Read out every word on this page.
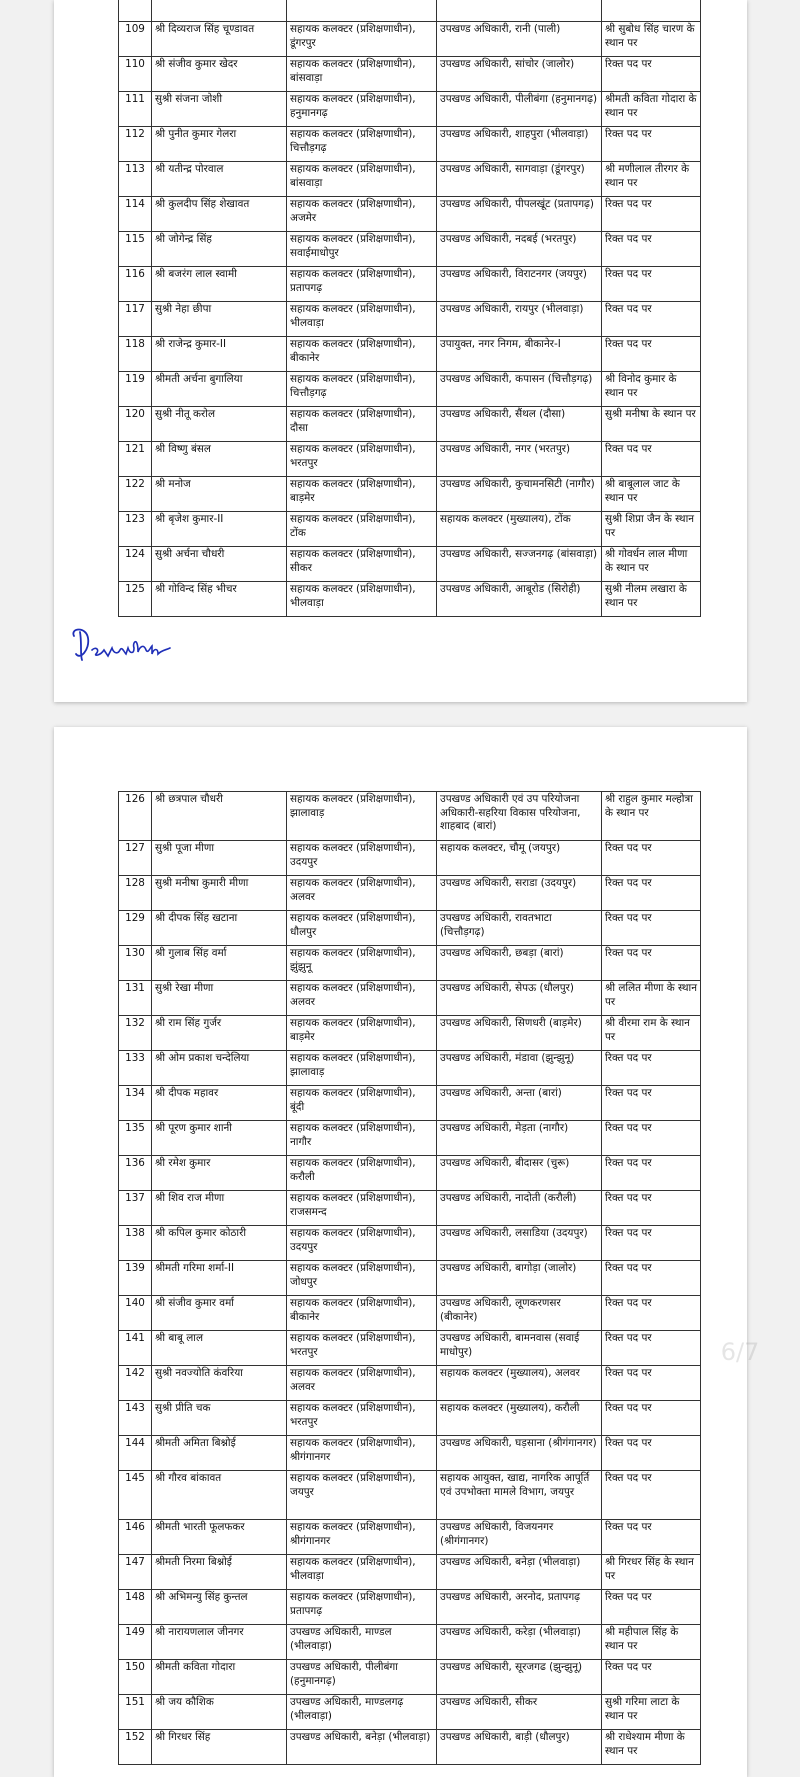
109	श्री दिव्यराज सिंह चूण्डावत	सहायक कलक्टर (प्रशिक्षणाधीन), डूंगरपुर	उपखण्ड अधिकारी, रानी (पाली)	श्री सुबोध सिंह चारण के स्थान पर
110	श्री संजीव कुमार खेदर	सहायक कलक्टर (प्रशिक्षणाधीन), बांसवाड़ा	उपखण्ड अधिकारी, सांचोर (जालोर)	रिक्त पद पर
111	सुश्री संजना जोशी	सहायक कलक्टर (प्रशिक्षणाधीन), हनुमानगढ़	उपखण्ड अधिकारी, पीलीबंगा (हनुमानगढ़)	श्रीमती कविता गोदारा के स्थान पर
112	श्री पुनीत कुमार गेलरा	सहायक कलक्टर (प्रशिक्षणाधीन), चित्तौड़गढ़	उपखण्ड अधिकारी, शाहपुरा (भीलवाड़ा)	रिक्त पद पर
113	श्री यतीन्द्र पोरवाल	सहायक कलक्टर (प्रशिक्षणाधीन), बांसवाड़ा	उपखण्ड अधिकारी, सागवाड़ा (डूंगरपुर)	श्री मणीलाल तीरगर के स्थान पर
114	श्री कुलदीप सिंह शेखावत	सहायक कलक्टर (प्रशिक्षणाधीन), अजमेर	उपखण्ड अधिकारी, पीपलखूंट (प्रतापगढ़)	रिक्त पद पर
115	श्री जोगेन्द्र सिंह	सहायक कलक्टर (प्रशिक्षणाधीन), सवाईमाधोपुर	उपखण्ड अधिकारी, नदबई (भरतपुर)	रिक्त पद पर
116	श्री बजरंग लाल स्वामी	सहायक कलक्टर (प्रशिक्षणाधीन), प्रतापगढ़	उपखण्ड अधिकारी, विराटनगर (जयपुर)	रिक्त पद पर
117	सुश्री नेहा छीपा	सहायक कलक्टर (प्रशिक्षणाधीन), भीलवाड़ा	उपखण्ड अधिकारी, रायपुर (भीलवाड़ा)	रिक्त पद पर
118	श्री राजेन्द्र कुमार-II	सहायक कलक्टर (प्रशिक्षणाधीन), बीकानेर	उपायुक्त, नगर निगम, बीकानेर-I	रिक्त पद पर
119	श्रीमती अर्चना बुगालिया	सहायक कलक्टर (प्रशिक्षणाधीन), चित्तौड़गढ़	उपखण्ड अधिकारी, कपासन (चित्तौड़गढ़)	श्री विनोद कुमार के स्थान पर
120	सुश्री नीतू करोल	सहायक कलक्टर (प्रशिक्षणाधीन), दौसा	उपखण्ड अधिकारी, सैंथल (दौसा)	सुश्री मनीषा के स्थान पर
121	श्री विष्णु बंसल	सहायक कलक्टर (प्रशिक्षणाधीन), भरतपुर	उपखण्ड अधिकारी, नगर (भरतपुर)	रिक्त पद पर
122	श्री मनोज	सहायक कलक्टर (प्रशिक्षणाधीन), बाड़मेर	उपखण्ड अधिकारी, कुचामनसिटी (नागौर)	श्री बाबूलाल जाट के स्थान पर
123	श्री बृजेश कुमार-II	सहायक कलक्टर (प्रशिक्षणाधीन), टोंक	सहायक कलक्टर (मुख्यालय), टोंक	सुश्री शिप्रा जैन के स्थान पर
124	सुश्री अर्चना चौधरी	सहायक कलक्टर (प्रशिक्षणाधीन), सीकर	उपखण्ड अधिकारी, सज्जनगढ़ (बांसवाड़ा)	श्री गोवर्धन लाल मीणा के स्थान पर
125	श्री गोविन्द सिंह भीचर	सहायक कलक्टर (प्रशिक्षणाधीन), भीलवाड़ा	उपखण्ड अधिकारी, आबूरोड (सिरोही)	सुश्री नीलम लखारा के स्थान पर
126	श्री छत्रपाल चौधरी	सहायक कलक्टर (प्रशिक्षणाधीन), झालावाड़	उपखण्ड अधिकारी एवं उप परियोजना अधिकारी-सहरिया विकास परियोजना, शाहबाद (बारां)	श्री राहुल कुमार मल्होत्रा के स्थान पर
127	सुश्री पूजा मीणा	सहायक कलक्टर (प्रशिक्षणाधीन), उदयपुर	सहायक कलक्टर, चौमू (जयपुर)	रिक्त पद पर
128	सुश्री मनीषा कुमारी मीणा	सहायक कलक्टर (प्रशिक्षणाधीन), अलवर	उपखण्ड अधिकारी, सराडा (उदयपुर)	रिक्त पद पर
129	श्री दीपक सिंह खटाना	सहायक कलक्टर (प्रशिक्षणाधीन), धौलपुर	उपखण्ड अधिकारी, रावतभाटा (चित्तौड़गढ़)	रिक्त पद पर
130	श्री गुलाब सिंह वर्मा	सहायक कलक्टर (प्रशिक्षणाधीन), झुंझुनू	उपखण्ड अधिकारी, छबड़ा (बारां)	रिक्त पद पर
131	सुश्री रेखा मीणा	सहायक कलक्टर (प्रशिक्षणाधीन), अलवर	उपखण्ड अधिकारी, सेपऊ (धौलपुर)	श्री ललित मीणा के स्थान पर
132	श्री राम सिंह गुर्जर	सहायक कलक्टर (प्रशिक्षणाधीन), बाड़मेर	उपखण्ड अधिकारी, सिणधरी (बाड़मेर)	श्री वीरमा राम के स्थान पर
133	श्री ओम प्रकाश चन्देलिया	सहायक कलक्टर (प्रशिक्षणाधीन), झालावाड़	उपखण्ड अधिकारी, मंडावा (झुन्झुनू)	रिक्त पद पर
134	श्री दीपक महावर	सहायक कलक्टर (प्रशिक्षणाधीन), बूंदी	उपखण्ड अधिकारी, अन्ता (बारां)	रिक्त पद पर
135	श्री पूरण कुमार शानी	सहायक कलक्टर (प्रशिक्षणाधीन), नागौर	उपखण्ड अधिकारी, मेड़ता (नागौर)	रिक्त पद पर
136	श्री रमेश कुमार	सहायक कलक्टर (प्रशिक्षणाधीन), करौली	उपखण्ड अधिकारी, बीदासर (चुरू)	रिक्त पद पर
137	श्री शिव राज मीणा	सहायक कलक्टर (प्रशिक्षणाधीन), राजसमन्द	उपखण्ड अधिकारी, नादोती (करौली)	रिक्त पद पर
138	श्री कपिल कुमार कोठारी	सहायक कलक्टर (प्रशिक्षणाधीन), उदयपुर	उपखण्ड अधिकारी, लसाडिया (उदयपुर)	रिक्त पद पर
139	श्रीमती गरिमा शर्मा-II	सहायक कलक्टर (प्रशिक्षणाधीन), जोधपुर	उपखण्ड अधिकारी, बागोड़ा (जालोर)	रिक्त पद पर
140	श्री संजीव कुमार वर्मा	सहायक कलक्टर (प्रशिक्षणाधीन), बीकानेर	उपखण्ड अधिकारी, लूणकरणसर (बीकानेर)	रिक्त पद पर
141	श्री बाबू लाल	सहायक कलक्टर (प्रशिक्षणाधीन), भरतपुर	उपखण्ड अधिकारी, बामनवास (सवाई माधोपुर)	रिक्त पद पर
142	सुश्री नवज्योति कंवरिया	सहायक कलक्टर (प्रशिक्षणाधीन), अलवर	सहायक कलक्टर (मुख्यालय), अलवर	रिक्त पद पर
143	सुश्री प्रीति चक	सहायक कलक्टर (प्रशिक्षणाधीन), भरतपुर	सहायक कलक्टर (मुख्यालय), करौली	रिक्त पद पर
144	श्रीमती अमिता बिश्नोई	सहायक कलक्टर (प्रशिक्षणाधीन), श्रीगंगानगर	उपखण्ड अधिकारी, घड़साना (श्रीगंगानगर)	रिक्त पद पर
145	श्री गौरव बांकावत	सहायक कलक्टर (प्रशिक्षणाधीन), जयपुर	सहायक आयुक्त, खाद्य, नागरिक आपूर्ति एवं उपभोक्ता मामले विभाग, जयपुर	रिक्त पद पर
146	श्रीमती भारती फूलफकर	सहायक कलक्टर (प्रशिक्षणाधीन), श्रीगंगानगर	उपखण्ड अधिकारी, विजयनगर (श्रीगंगानगर)	रिक्त पद पर
147	श्रीमती निरमा बिश्नोई	सहायक कलक्टर (प्रशिक्षणाधीन), भीलवाड़ा	उपखण्ड अधिकारी, बनेड़ा (भीलवाड़ा)	श्री गिरधर सिंह के स्थान पर
148	श्री अभिमन्यु सिंह कुन्तल	सहायक कलक्टर (प्रशिक्षणाधीन), प्रतापगढ़	उपखण्ड अधिकारी, अरनोद, प्रतापगढ़	रिक्त पद पर
149	श्री नारायणलाल जीनगर	उपखण्ड अधिकारी, माण्डल (भीलवाड़ा)	उपखण्ड अधिकारी, करेड़ा (भीलवाड़ा)	श्री महीपाल सिंह के स्थान पर
150	श्रीमती कविता गोदारा	उपखण्ड अधिकारी, पीलीबंगा (हनुमानगढ़)	उपखण्ड अधिकारी, सूरजगढ (झुन्झुनू)	रिक्त पद पर
151	श्री जय कौशिक	उपखण्ड अधिकारी, माण्डलगढ़ (भीलवाड़ा)	उपखण्ड अधिकारी, सीकर	सुश्री गरिमा लाटा के स्थान पर
152	श्री गिरधर सिंह	उपखण्ड अधिकारी, बनेड़ा (भीलवाड़ा)	उपखण्ड अधिकारी, बाड़ी (धौलपुर)	श्री राधेश्याम मीणा के स्थान पर
6/7
